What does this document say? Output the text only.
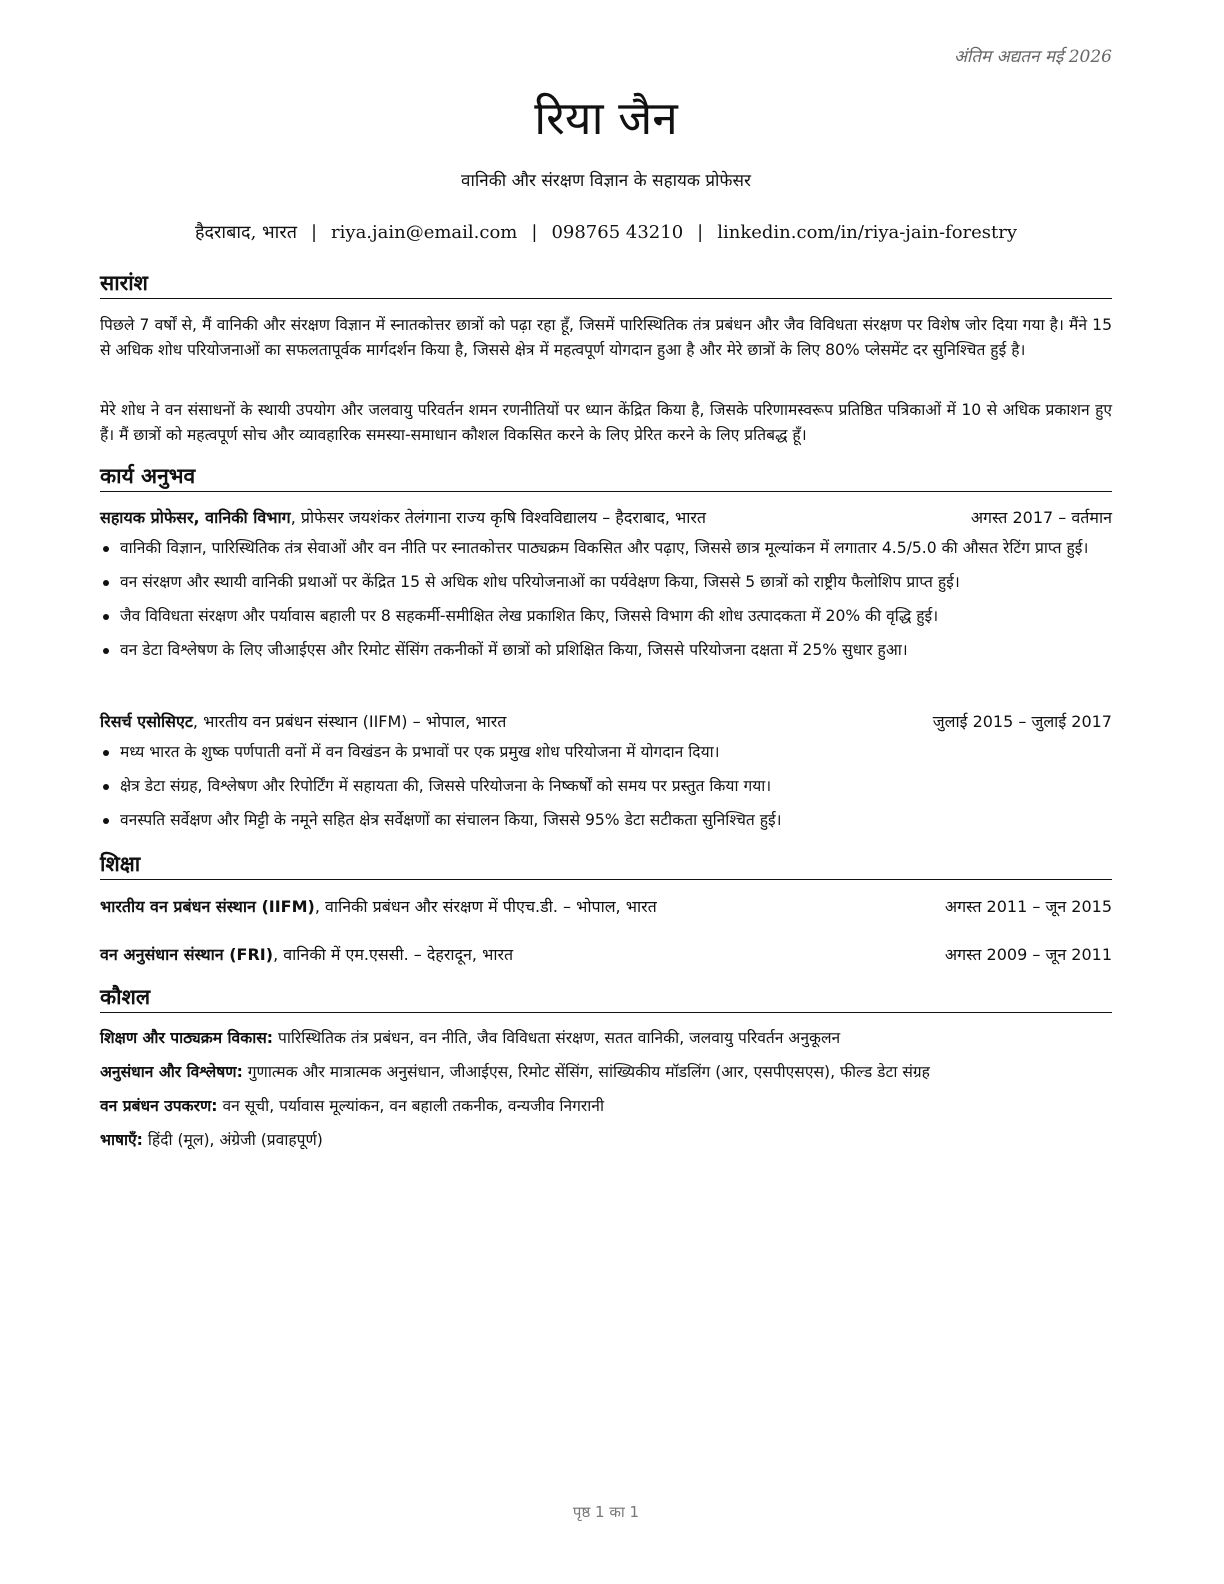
अंतिम अद्यतन मई 2026
रिया जैन
वानिकी और संरक्षण विज्ञान के सहायक प्रोफेसर
हैदराबाद, भारत | riya.jain@email.com | 098765 43210 | linkedin.com/in/riya-jain-forestry
सारांश
पिछले 7 वर्षों से, मैं वानिकी और संरक्षण विज्ञान में स्नातकोत्तर छात्रों को पढ़ा रहा हूँ, जिसमें पारिस्थितिक तंत्र प्रबंधन और जैव विविधता संरक्षण पर विशेष जोर दिया गया है। मैंने 15 से अधिक शोध परियोजनाओं का सफलतापूर्वक मार्गदर्शन किया है, जिससे क्षेत्र में महत्वपूर्ण योगदान हुआ है और मेरे छात्रों के लिए 80% प्लेसमेंट दर सुनिश्चित हुई है।
मेरे शोध ने वन संसाधनों के स्थायी उपयोग और जलवायु परिवर्तन शमन रणनीतियों पर ध्यान केंद्रित किया है, जिसके परिणामस्वरूप प्रतिष्ठित पत्रिकाओं में 10 से अधिक प्रकाशन हुए हैं। मैं छात्रों को महत्वपूर्ण सोच और व्यावहारिक समस्या-समाधान कौशल विकसित करने के लिए प्रेरित करने के लिए प्रतिबद्ध हूँ।
कार्य अनुभव
सहायक प्रोफेसर, वानिकी विभाग, प्रोफेसर जयशंकर तेलंगाना राज्य कृषि विश्वविद्यालय – हैदराबाद, भारत	अगस्त 2017 – वर्तमान
वानिकी विज्ञान, पारिस्थितिक तंत्र सेवाओं और वन नीति पर स्नातकोत्तर पाठ्यक्रम विकसित और पढ़ाए, जिससे छात्र मूल्यांकन में लगातार 4.5/5.0 की औसत रेटिंग प्राप्त हुई।
वन संरक्षण और स्थायी वानिकी प्रथाओं पर केंद्रित 15 से अधिक शोध परियोजनाओं का पर्यवेक्षण किया, जिससे 5 छात्रों को राष्ट्रीय फैलोशिप प्राप्त हुई।
जैव विविधता संरक्षण और पर्यावास बहाली पर 8 सहकर्मी-समीक्षित लेख प्रकाशित किए, जिससे विभाग की शोध उत्पादकता में 20% की वृद्धि हुई।
वन डेटा विश्लेषण के लिए जीआईएस और रिमोट सेंसिंग तकनीकों में छात्रों को प्रशिक्षित किया, जिससे परियोजना दक्षता में 25% सुधार हुआ।
रिसर्च एसोसिएट, भारतीय वन प्रबंधन संस्थान (IIFM) – भोपाल, भारत	जुलाई 2015 – जुलाई 2017
मध्य भारत के शुष्क पर्णपाती वनों में वन विखंडन के प्रभावों पर एक प्रमुख शोध परियोजना में योगदान दिया।
क्षेत्र डेटा संग्रह, विश्लेषण और रिपोर्टिंग में सहायता की, जिससे परियोजना के निष्कर्षों को समय पर प्रस्तुत किया गया।
वनस्पति सर्वेक्षण और मिट्टी के नमूने सहित क्षेत्र सर्वेक्षणों का संचालन किया, जिससे 95% डेटा सटीकता सुनिश्चित हुई।
शिक्षा
भारतीय वन प्रबंधन संस्थान (IIFM), वानिकी प्रबंधन और संरक्षण में पीएच.डी. – भोपाल, भारत	अगस्त 2011 – जून 2015
वन अनुसंधान संस्थान (FRI), वानिकी में एम.एससी. – देहरादून, भारत	अगस्त 2009 – जून 2011
कौशल
शिक्षण और पाठ्यक्रम विकास: पारिस्थितिक तंत्र प्रबंधन, वन नीति, जैव विविधता संरक्षण, सतत वानिकी, जलवायु परिवर्तन अनुकूलन
अनुसंधान और विश्लेषण: गुणात्मक और मात्रात्मक अनुसंधान, जीआईएस, रिमोट सेंसिंग, सांख्यिकीय मॉडलिंग (आर, एसपीएसएस), फील्ड डेटा संग्रह
वन प्रबंधन उपकरण: वन सूची, पर्यावास मूल्यांकन, वन बहाली तकनीक, वन्यजीव निगरानी
भाषाएँ: हिंदी (मूल), अंग्रेजी (प्रवाहपूर्ण)
पृष्ठ 1 का 1
